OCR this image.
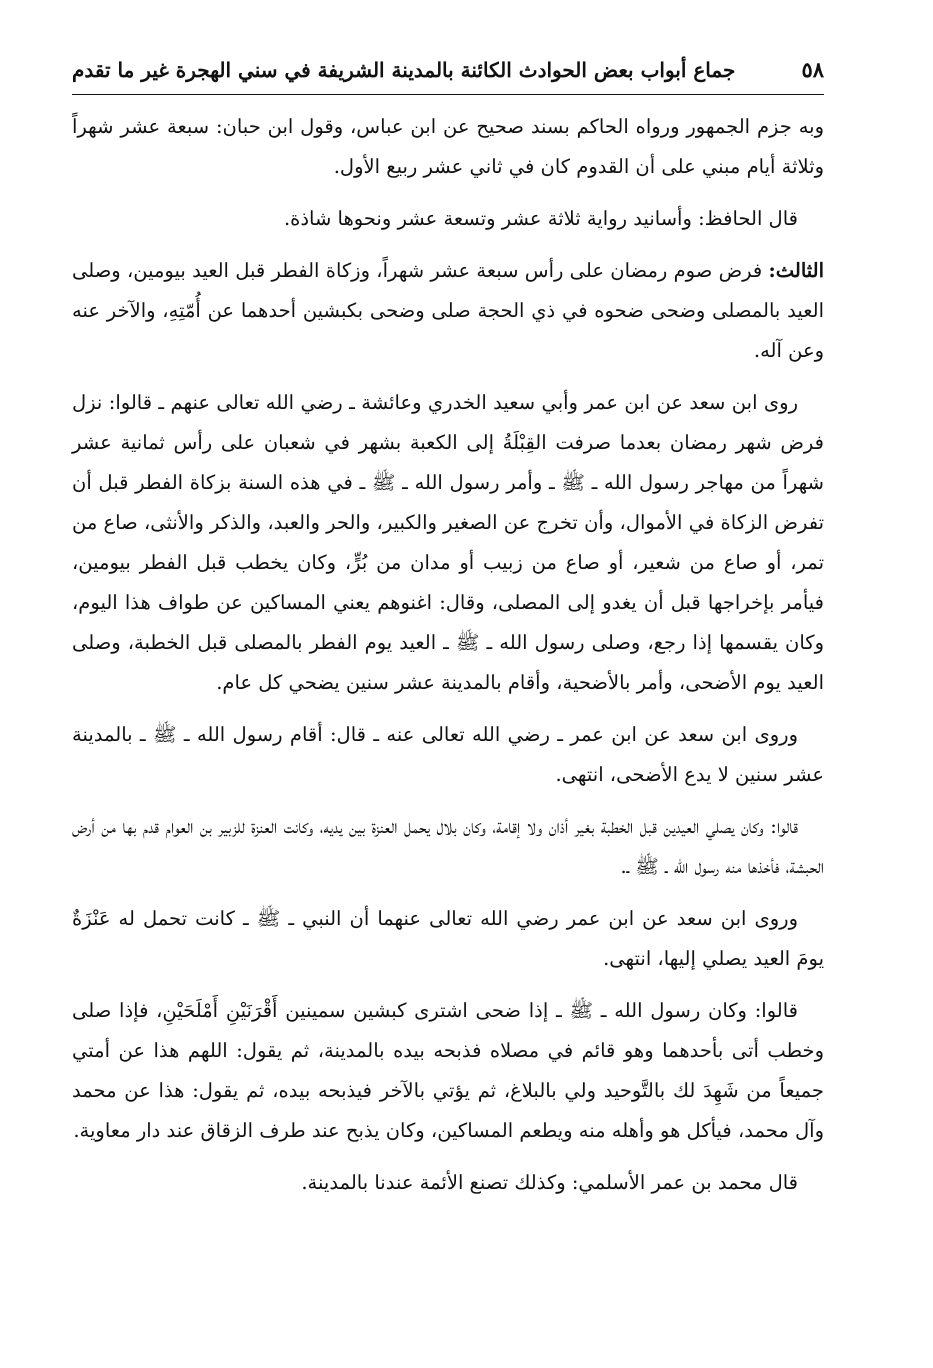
٥٨
جماع أبواب بعض الحوادث الكائنة بالمدينة الشريفة في سني الهجرة غير ما تقدم

وبه جزم الجمهور ورواه الحاكم بسند صحيح عن ابن عباس، وقول ابن حبان: سبعة عشر شهراً وثلاثة أيام مبني على أن القدوم كان في ثاني عشر ربيع الأول.

قال الحافظ: وأسانيد رواية ثلاثة عشر وتسعة عشر ونحوها شاذة.

الثالث: فرض صوم رمضان على رأس سبعة عشر شهراً، وزكاة الفطر قبل العيد بيومين، وصلى العيد بالمصلى وضحى ضحوه في ذي الحجة صلى وضحى بكبشين أحدهما عن أُمّتِهِ، والآخر عنه وعن آله.

روى ابن سعد عن ابن عمر وأبي سعيد الخدري وعائشة ـ رضي الله تعالى عنهم ـ قالوا: نزل فرض شهر رمضان بعدما صرفت القِبْلَةُ إلى الكعبة بشهر في شعبان على رأس ثمانية عشر شهراً من مهاجر رسول الله ـ ﷺ ـ وأمر رسول الله ـ ﷺ ـ في هذه السنة بزكاة الفطر قبل أن تفرض الزكاة في الأموال، وأن تخرج عن الصغير والكبير، والحر والعبد، والذكر والأنثى، صاع من تمر، أو صاع من شعير، أو صاع من زبيب أو مدان من بُرٍّ، وكان يخطب قبل الفطر بيومين، فيأمر بإخراجها قبل أن يغدو إلى المصلى، وقال: اغنوهم يعني المساكين عن طواف هذا اليوم، وكان يقسمها إذا رجع، وصلى رسول الله ـ ﷺ ـ العيد يوم الفطر بالمصلى قبل الخطبة، وصلى العيد يوم الأضحى، وأمر بالأضحية، وأقام بالمدينة عشر سنين يضحي كل عام.

وروى ابن سعد عن ابن عمر ـ رضي الله تعالى عنه ـ قال: أقام رسول الله ـ ﷺ ـ بالمدينة عشر سنين لا يدع الأضحى، انتهى.

قالوا: وكان يصلي العيدين قبل الخطبة بغير أذان ولا إقامة، وكان بلال يحمل العنزة بين يديه، وكانت العنزة للزبير بن العوام قدم بها من أرض الحبشة، فأخذها منه رسول الله ـ ﷺ ـ.

وروى ابن سعد عن ابن عمر رضي الله تعالى عنهما أن النبي ـ ﷺ ـ كانت تحمل له عَنْزَةٌ يومَ العيد يصلي إليها، انتهى.

قالوا: وكان رسول الله ـ ﷺ ـ إذا ضحى اشترى كبشين سمينين أَقْرَنَيْنِ أَمْلَحَيْنِ، فإذا صلى وخطب أتى بأحدهما وهو قائم في مصلاه فذبحه بيده بالمدينة، ثم يقول: اللهم هذا عن أمتي جميعاً من شَهِدَ لك بالتَّوحيد ولي بالبلاغ، ثم يؤتي بالآخر فيذبحه بيده، ثم يقول: هذا عن محمد وآل محمد، فيأكل هو وأهله منه ويطعم المساكين، وكان يذبح عند طرف الزقاق عند دار معاوية.

قال محمد بن عمر الأسلمي: وكذلك تصنع الأئمة عندنا بالمدينة.
